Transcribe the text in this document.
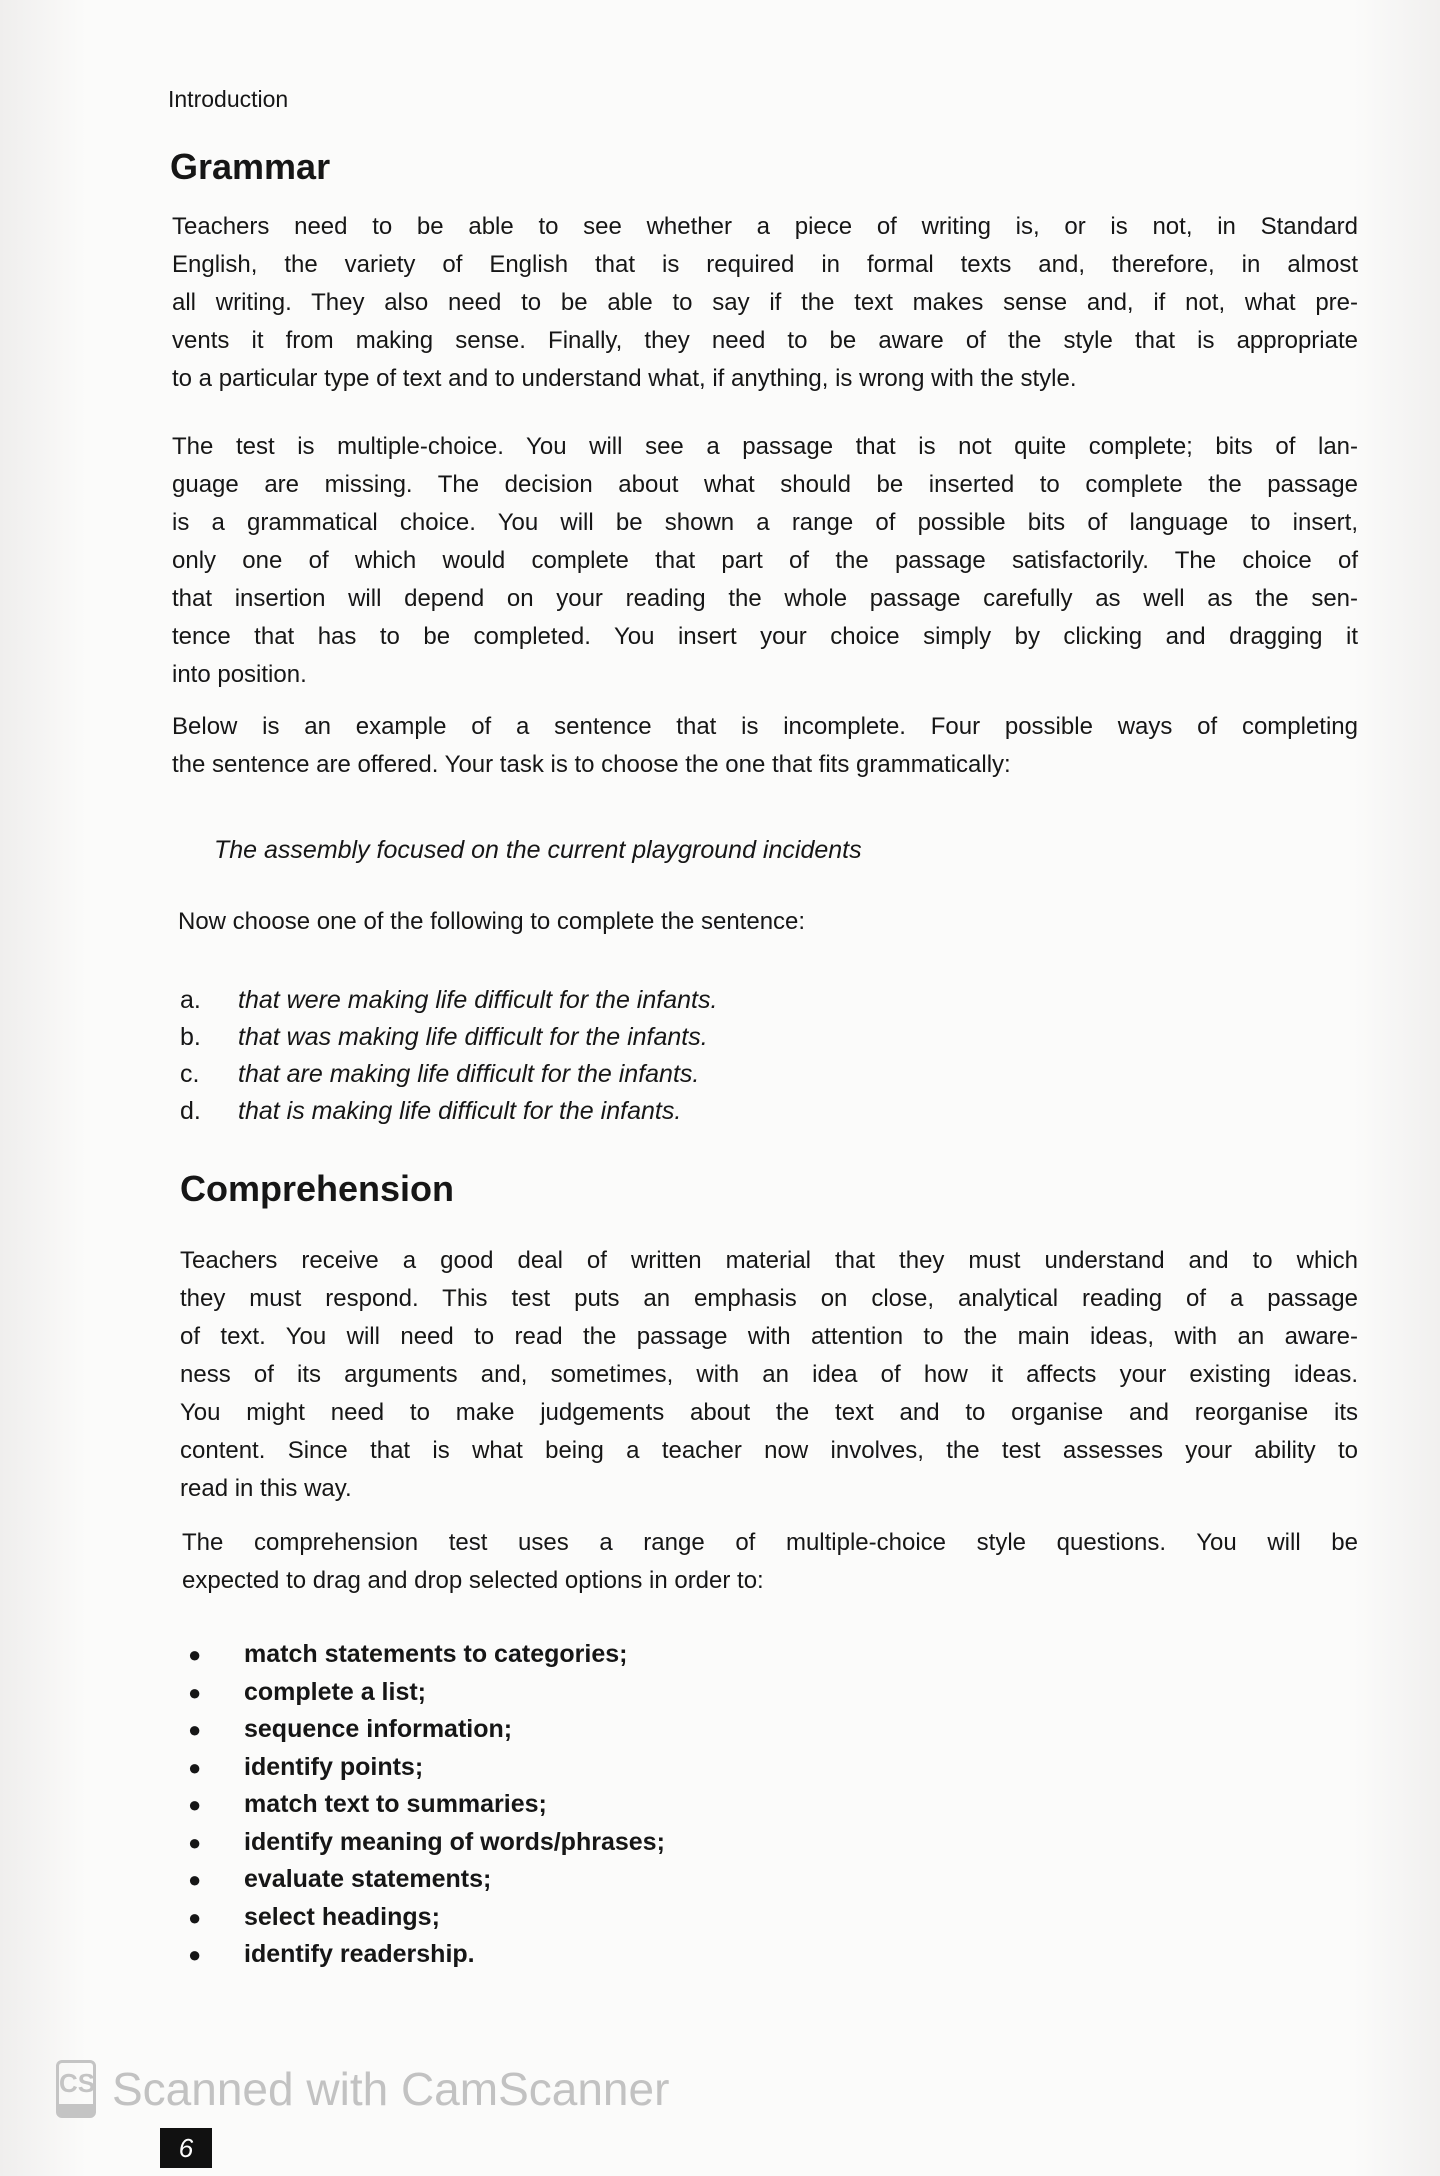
Introduction
Grammar
Teachers need to be able to see whether a piece of writing is, or is not, in Standard
English, the variety of English that is required in formal texts and, therefore, in almost
all writing. They also need to be able to say if the text makes sense and, if not, what pre-
vents it from making sense. Finally, they need to be aware of the style that is appropriate
to a particular type of text and to understand what, if anything, is wrong with the style.
The test is multiple-choice. You will see a passage that is not quite complete; bits of lan-
guage are missing. The decision about what should be inserted to complete the passage
is a grammatical choice. You will be shown a range of possible bits of language to insert,
only one of which would complete that part of the passage satisfactorily. The choice of
that insertion will depend on your reading the whole passage carefully as well as the sen-
tence that has to be completed. You insert your choice simply by clicking and dragging it
into position.
Below is an example of a sentence that is incomplete. Four possible ways of completing
the sentence are offered. Your task is to choose the one that fits grammatically:
The assembly focused on the current playground incidents
Now choose one of the following to complete the sentence:
a.	that were making life difficult for the infants.
b.	that was making life difficult for the infants.
c.	that are making life difficult for the infants.
d.	that is making life difficult for the infants.
Comprehension
Teachers receive a good deal of written material that they must understand and to which
they must respond. This test puts an emphasis on close, analytical reading of a passage
of text. You will need to read the passage with attention to the main ideas, with an aware-
ness of its arguments and, sometimes, with an idea of how it affects your existing ideas.
You might need to make judgements about the text and to organise and reorganise its
content. Since that is what being a teacher now involves, the test assesses your ability to
read in this way.
The comprehension test uses a range of multiple-choice style questions. You will be
expected to drag and drop selected options in order to:
●	match statements to categories;
●	complete a list;
●	sequence information;
●	identify points;
●	match text to summaries;
●	identify meaning of words/phrases;
●	evaluate statements;
●	select headings;
●	identify readership.
CS Scanned with CamScanner
6
